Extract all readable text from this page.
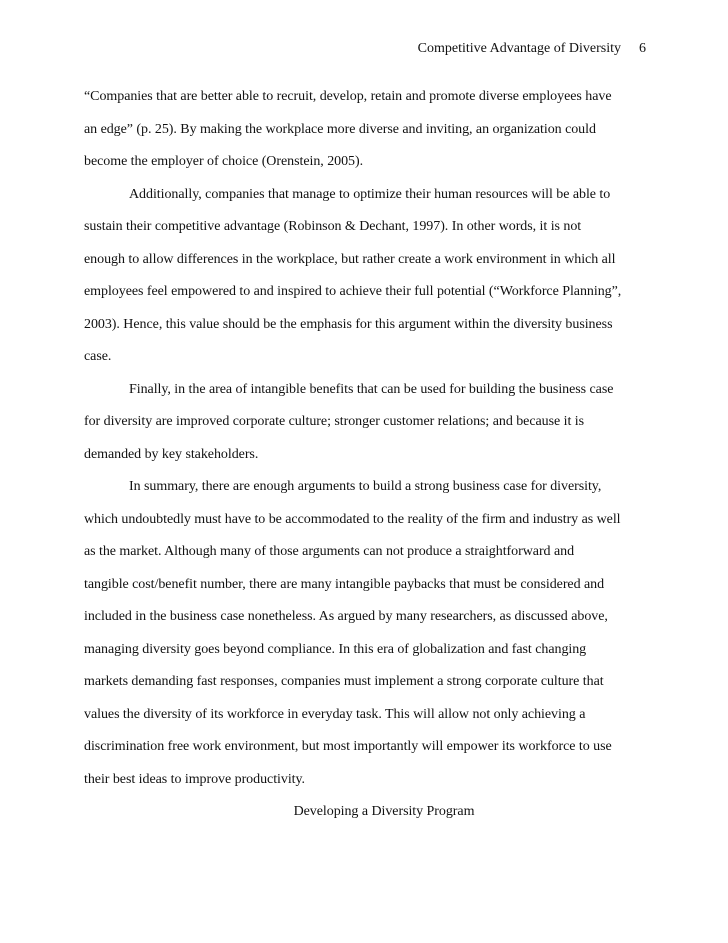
Competitive Advantage of Diversity 6
“Companies that are better able to recruit, develop, retain and promote diverse employees have
an edge” (p. 25). By making the workplace more diverse and inviting, an organization could
become the employer of choice (Orenstein, 2005).
Additionally, companies that manage to optimize their human resources will be able to
sustain their competitive advantage (Robinson & Dechant, 1997). In other words, it is not
enough to allow differences in the workplace, but rather create a work environment in which all
employees feel empowered to and inspired to achieve their full potential (“Workforce Planning”,
2003). Hence, this value should be the emphasis for this argument within the diversity business
case.
Finally, in the area of intangible benefits that can be used for building the business case
for diversity are improved corporate culture; stronger customer relations; and because it is
demanded by key stakeholders.
In summary, there are enough arguments to build a strong business case for diversity,
which undoubtedly must have to be accommodated to the reality of the firm and industry as well
as the market. Although many of those arguments can not produce a straightforward and
tangible cost/benefit number, there are many intangible paybacks that must be considered and
included in the business case nonetheless. As argued by many researchers, as discussed above,
managing diversity goes beyond compliance. In this era of globalization and fast changing
markets demanding fast responses, companies must implement a strong corporate culture that
values the diversity of its workforce in everyday task. This will allow not only achieving a
discrimination free work environment, but most importantly will empower its workforce to use
their best ideas to improve productivity.
Developing a Diversity Program
